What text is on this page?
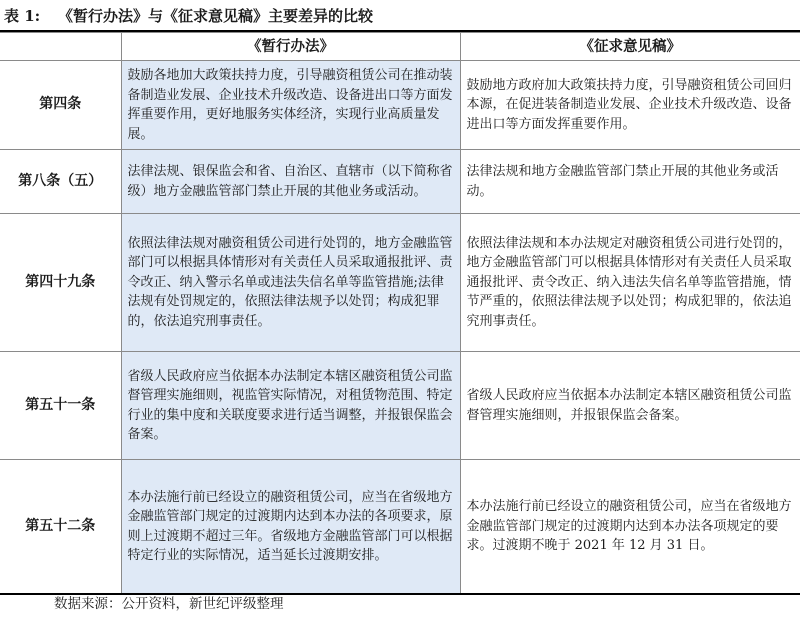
表 1: 《暂行办法》与《征求意见稿》主要差异的比较
	《暂行办法》	《征求意见稿》
第四条	鼓励各地加大政策扶持力度，引导融资租赁公司在推动装备制造业发展、企业技术升级改造、设备进出口等方面发挥重要作用，更好地服务实体经济，实现行业高质量发展。	鼓励地方政府加大政策扶持力度，引导融资租赁公司回归本源，在促进装备制造业发展、企业技术升级改造、设备进出口等方面发挥重要作用。
第八条（五）	法律法规、银保监会和省、自治区、直辖市（以下简称省级）地方金融监管部门禁止开展的其他业务或活动。	法律法规和地方金融监管部门禁止开展的其他业务或活动。
第四十九条	依照法律法规对融资租赁公司进行处罚的，地方金融监管部门可以根据具体情形对有关责任人员采取通报批评、责令改正、纳入警示名单或违法失信名单等监管措施;法律法规有处罚规定的，依照法律法规予以处罚；构成犯罪的，依法追究刑事责任。	依照法律法规和本办法规定对融资租赁公司进行处罚的，地方金融监管部门可以根据具体情形对有关责任人员采取通报批评、责令改正、纳入违法失信名单等监管措施，情节严重的，依照法律法规予以处罚；构成犯罪的，依法追究刑事责任。
第五十一条	省级人民政府应当依据本办法制定本辖区融资租赁公司监督管理实施细则，视监管实际情况，对租赁物范围、特定行业的集中度和关联度要求进行适当调整，并报银保监会备案。	省级人民政府应当依据本办法制定本辖区融资租赁公司监督管理实施细则，并报银保监会备案。
第五十二条	本办法施行前已经设立的融资租赁公司，应当在省级地方金融监管部门规定的过渡期内达到本办法的各项要求，原则上过渡期不超过三年。省级地方金融监管部门可以根据特定行业的实际情况，适当延长过渡期安排。	本办法施行前已经设立的融资租赁公司，应当在省级地方金融监管部门规定的过渡期内达到本办法各项规定的要求。过渡期不晚于 2021 年 12 月 31 日。
数据来源：公开资料，新世纪评级整理
